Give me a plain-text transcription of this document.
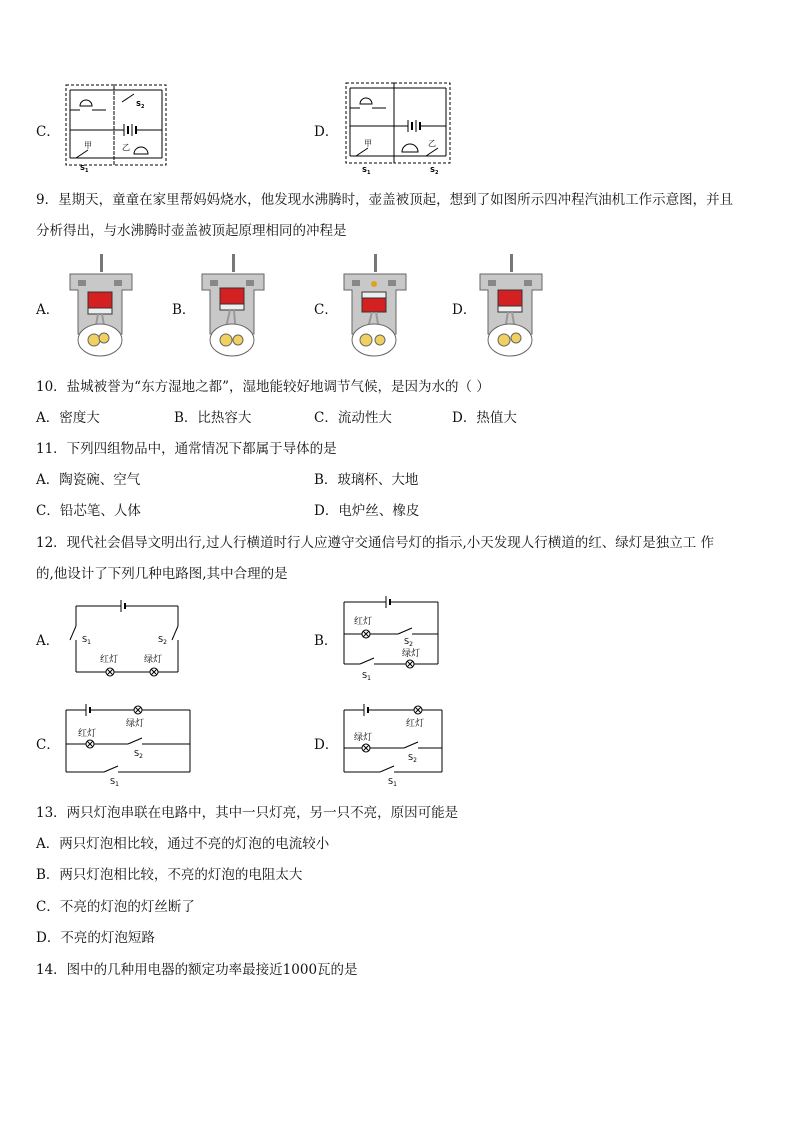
C．
$S_2$
甲	乙
$S_1$
D．
甲	乙
$S_1$	$S_2$
9．星期天，童童在家里帮妈妈烧水，他发现水沸腾时，壶盖被顶起，想到了如图所示四冲程汽油机工作示意图，并且
分析得出，与水沸腾时壶盖被顶起原理相同的冲程是
A．	B．	C．	D．
10．盐城被誉为“东方湿地之都”，湿地能较好地调节气候，是因为水的（ ）
A．密度大	B．比热容大	C．流动性大	D．热值大
11．下列四组物品中，通常情况下都属于导体的是
A．陶瓷碗、空气	B．玻璃杯、大地
C．铅芯笔、人体	D．电炉丝、橡皮
12．现代社会倡导文明出行,过人行横道时行人应遵守交通信号灯的指示,小天发现人行横道的红、绿灯是独立工 作
的,他设计了下列几种电路图,其中合理的是
A．	$S_1$	$S_2$
红灯	绿灯
B．
红灯
$S_2$
绿灯
$S_1$
C．
绿灯
红灯
$S_2$
$S_1$
D．
红灯
绿灯
$S_2$
$S_1$
13．两只灯泡串联在电路中，其中一只灯亮，另一只不亮，原因可能是
A．两只灯泡相比较，通过不亮的灯泡的电流较小
B．两只灯泡相比较，不亮的灯泡的电阻太大
C．不亮的灯泡的灯丝断了
D．不亮的灯泡短路
14．图中的几种用电器的额定功率最接近1000瓦的是
